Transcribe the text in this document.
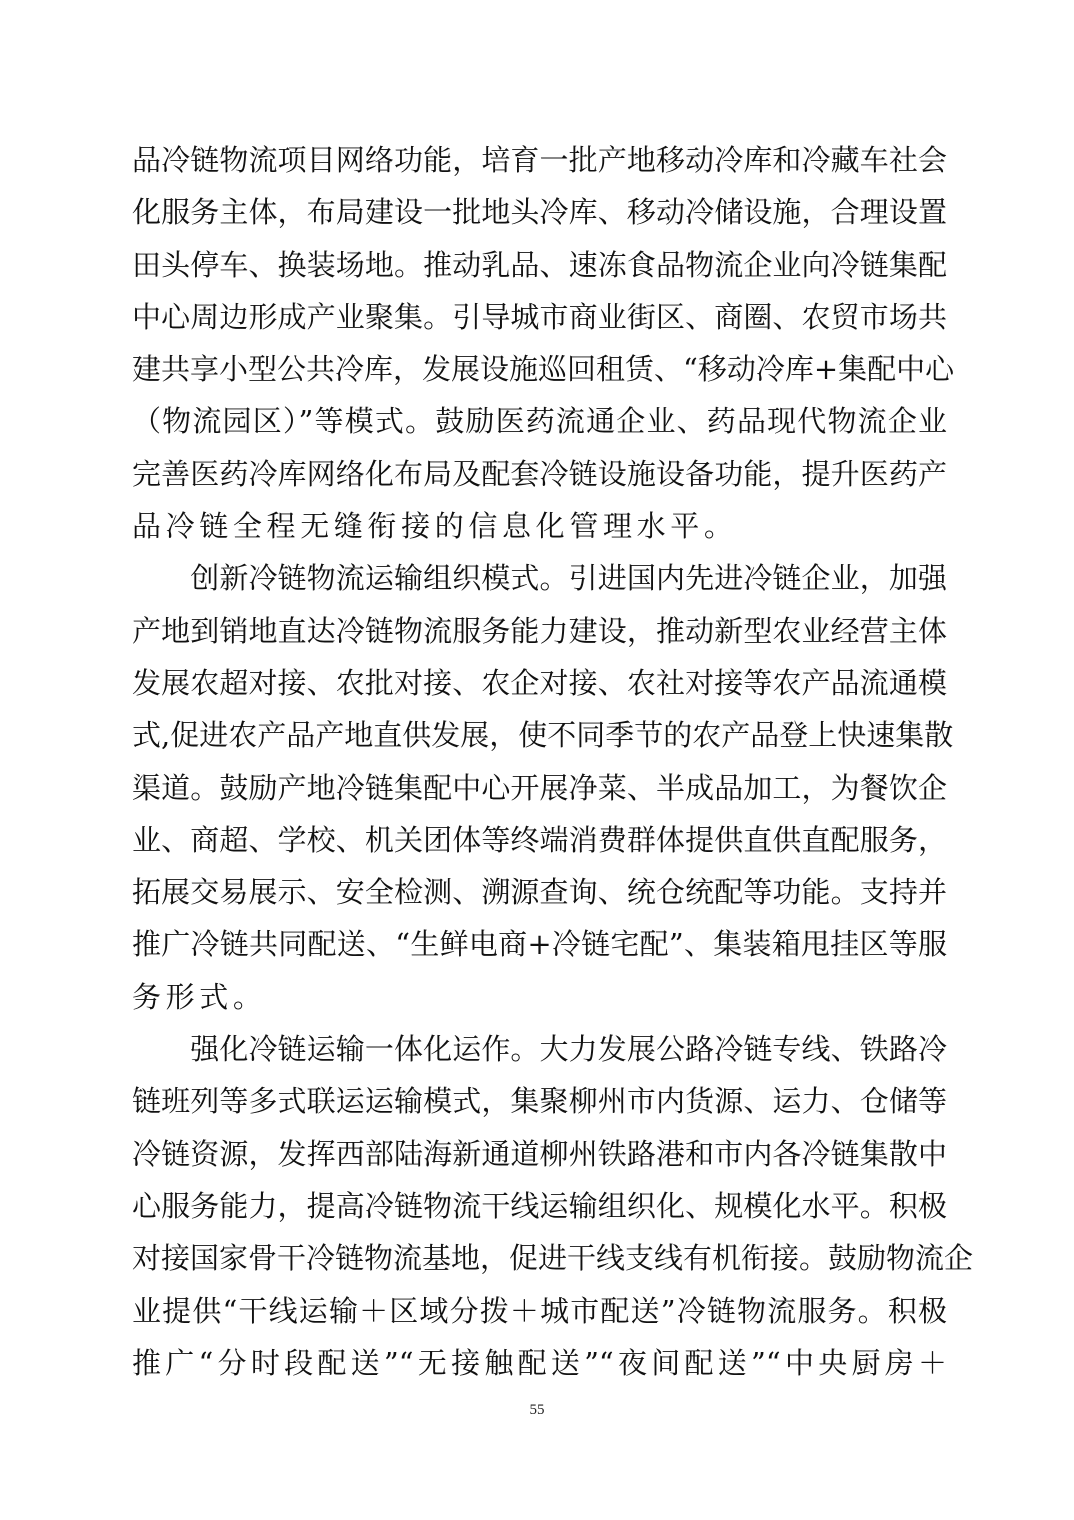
品冷链物流项目网络功能，培育一批产地移动冷库和冷藏车社会
化服务主体，布局建设一批地头冷库、移动冷储设施，合理设置
田头停车、换装场地。推动乳品、速冻食品物流企业向冷链集配
中心周边形成产业聚集。引导城市商业街区、商圈、农贸市场共
建共享小型公共冷库，发展设施巡回租赁、“移动冷库+集配中心
（物流园区）”等模式。鼓励医药流通企业、药品现代物流企业
完善医药冷库网络化布局及配套冷链设施设备功能，提升医药产
品冷链全程无缝衔接的信息化管理水平。
　　创新冷链物流运输组织模式。引进国内先进冷链企业，加强
产地到销地直达冷链物流服务能力建设，推动新型农业经营主体
发展农超对接、农批对接、农企对接、农社对接等农产品流通模
式,促进农产品产地直供发展，使不同季节的农产品登上快速集散
渠道。鼓励产地冷链集配中心开展净菜、半成品加工，为餐饮企
业、商超、学校、机关团体等终端消费群体提供直供直配服务，
拓展交易展示、安全检测、溯源查询、统仓统配等功能。支持并
推广冷链共同配送、“生鲜电商+冷链宅配”、集装箱甩挂区等服
务形式。
　　强化冷链运输一体化运作。大力发展公路冷链专线、铁路冷
链班列等多式联运运输模式，集聚柳州市内货源、运力、仓储等
冷链资源，发挥西部陆海新通道柳州铁路港和市内各冷链集散中
心服务能力，提高冷链物流干线运输组织化、规模化水平。积极
对接国家骨干冷链物流基地，促进干线支线有机衔接。鼓励物流企
业提供“干线运输＋区域分拨＋城市配送”冷链物流服务。积极
推广“分时段配送”“无接触配送”“夜间配送”“中央厨房＋
55
